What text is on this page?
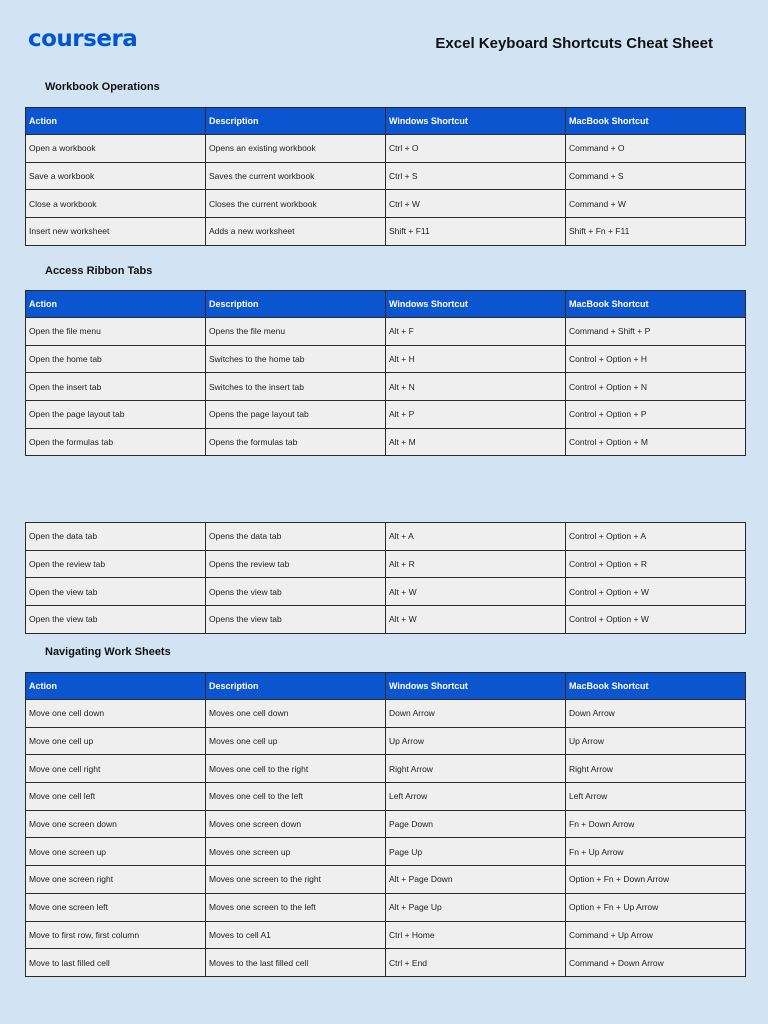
coursera	Excel Keyboard Shortcuts Cheat Sheet
Workbook Operations
Action	Description	Windows Shortcut	MacBook Shortcut
Open a workbook	Opens an existing workbook	Ctrl + O	Command + O
Save a workbook	Saves the current workbook	Ctrl + S	Command + S
Close a workbook	Closes the current workbook	Ctrl + W	Command + W
Insert new worksheet	Adds a new worksheet	Shift + F11	Shift + Fn + F11
Access Ribbon Tabs
Action	Description	Windows Shortcut	MacBook Shortcut
Open the file menu	Opens the file menu	Alt + F	Command + Shift + P
Open the home tab	Switches to the home tab	Alt + H	Control + Option + H
Open the insert tab	Switches to the insert tab	Alt + N	Control + Option + N
Open the page layout tab	Opens the page layout tab	Alt + P	Control + Option + P
Open the formulas tab	Opens the formulas tab	Alt + M	Control + Option + M
Open the data tab	Opens the data tab	Alt + A	Control + Option + A
Open the review tab	Opens the review tab	Alt + R	Control + Option + R
Open the view tab	Opens the view tab	Alt + W	Control + Option + W
Open the view tab	Opens the view tab	Alt + W	Control + Option + W
Navigating Work Sheets
Action	Description	Windows Shortcut	MacBook Shortcut
Move one cell down	Moves one cell down	Down Arrow	Down Arrow
Move one cell up	Moves one cell up	Up Arrow	Up Arrow
Move one cell right	Moves one cell to the right	Right Arrow	Right Arrow
Move one cell left	Moves one cell to the left	Left Arrow	Left Arrow
Move one screen down	Moves one screen down	Page Down	Fn + Down Arrow
Move one screen up	Moves one screen up	Page Up	Fn + Up Arrow
Move one screen right	Moves one screen to the right	Alt + Page Down	Option + Fn + Down Arrow
Move one screen left	Moves one screen to the left	Alt + Page Up	Option + Fn + Up Arrow
Move to first row, first column	Moves to cell A1	Ctrl + Home	Command + Up Arrow
Move to last filled cell	Moves to the last filled cell	Ctrl + End	Command + Down Arrow
